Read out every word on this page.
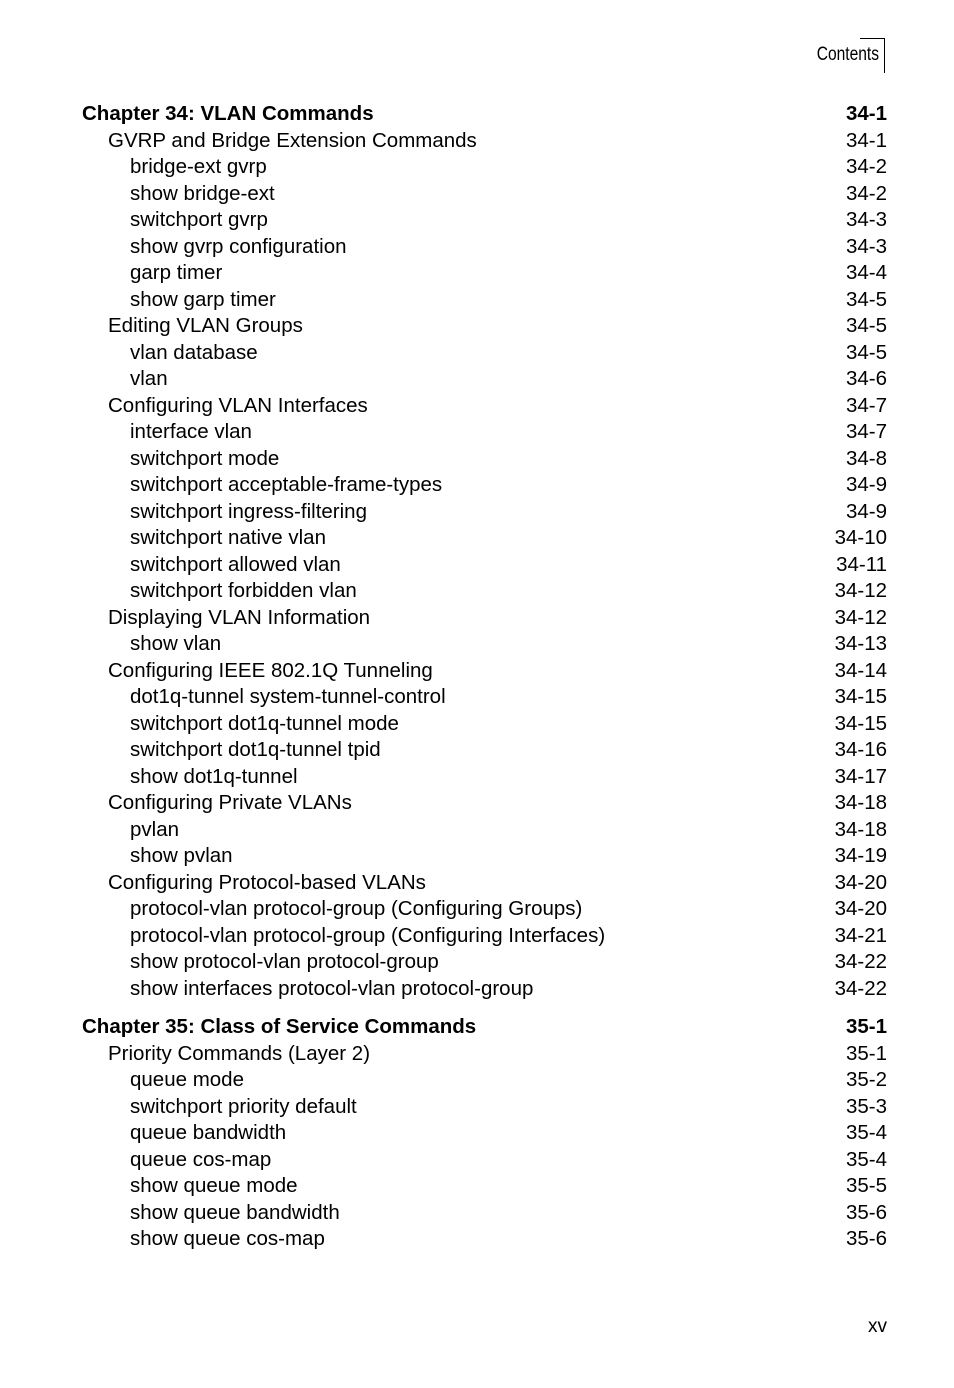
Contents
Chapter 34: VLAN Commands	34-1
GVRP and Bridge Extension Commands	34-1
bridge-ext gvrp	34-2
show bridge-ext	34-2
switchport gvrp	34-3
show gvrp configuration	34-3
garp timer	34-4
show garp timer	34-5
Editing VLAN Groups	34-5
vlan database	34-5
vlan	34-6
Configuring VLAN Interfaces	34-7
interface vlan	34-7
switchport mode	34-8
switchport acceptable-frame-types	34-9
switchport ingress-filtering	34-9
switchport native vlan	34-10
switchport allowed vlan	34-11
switchport forbidden vlan	34-12
Displaying VLAN Information	34-12
show vlan	34-13
Configuring IEEE 802.1Q Tunneling	34-14
dot1q-tunnel system-tunnel-control	34-15
switchport dot1q-tunnel mode	34-15
switchport dot1q-tunnel tpid	34-16
show dot1q-tunnel	34-17
Configuring Private VLANs	34-18
pvlan	34-18
show pvlan	34-19
Configuring Protocol-based VLANs	34-20
protocol-vlan protocol-group (Configuring Groups)	34-20
protocol-vlan protocol-group (Configuring Interfaces)	34-21
show protocol-vlan protocol-group	34-22
show interfaces protocol-vlan protocol-group	34-22
Chapter 35: Class of Service Commands	35-1
Priority Commands (Layer 2)	35-1
queue mode	35-2
switchport priority default	35-3
queue bandwidth	35-4
queue cos-map	35-4
show queue mode	35-5
show queue bandwidth	35-6
show queue cos-map	35-6
xv
